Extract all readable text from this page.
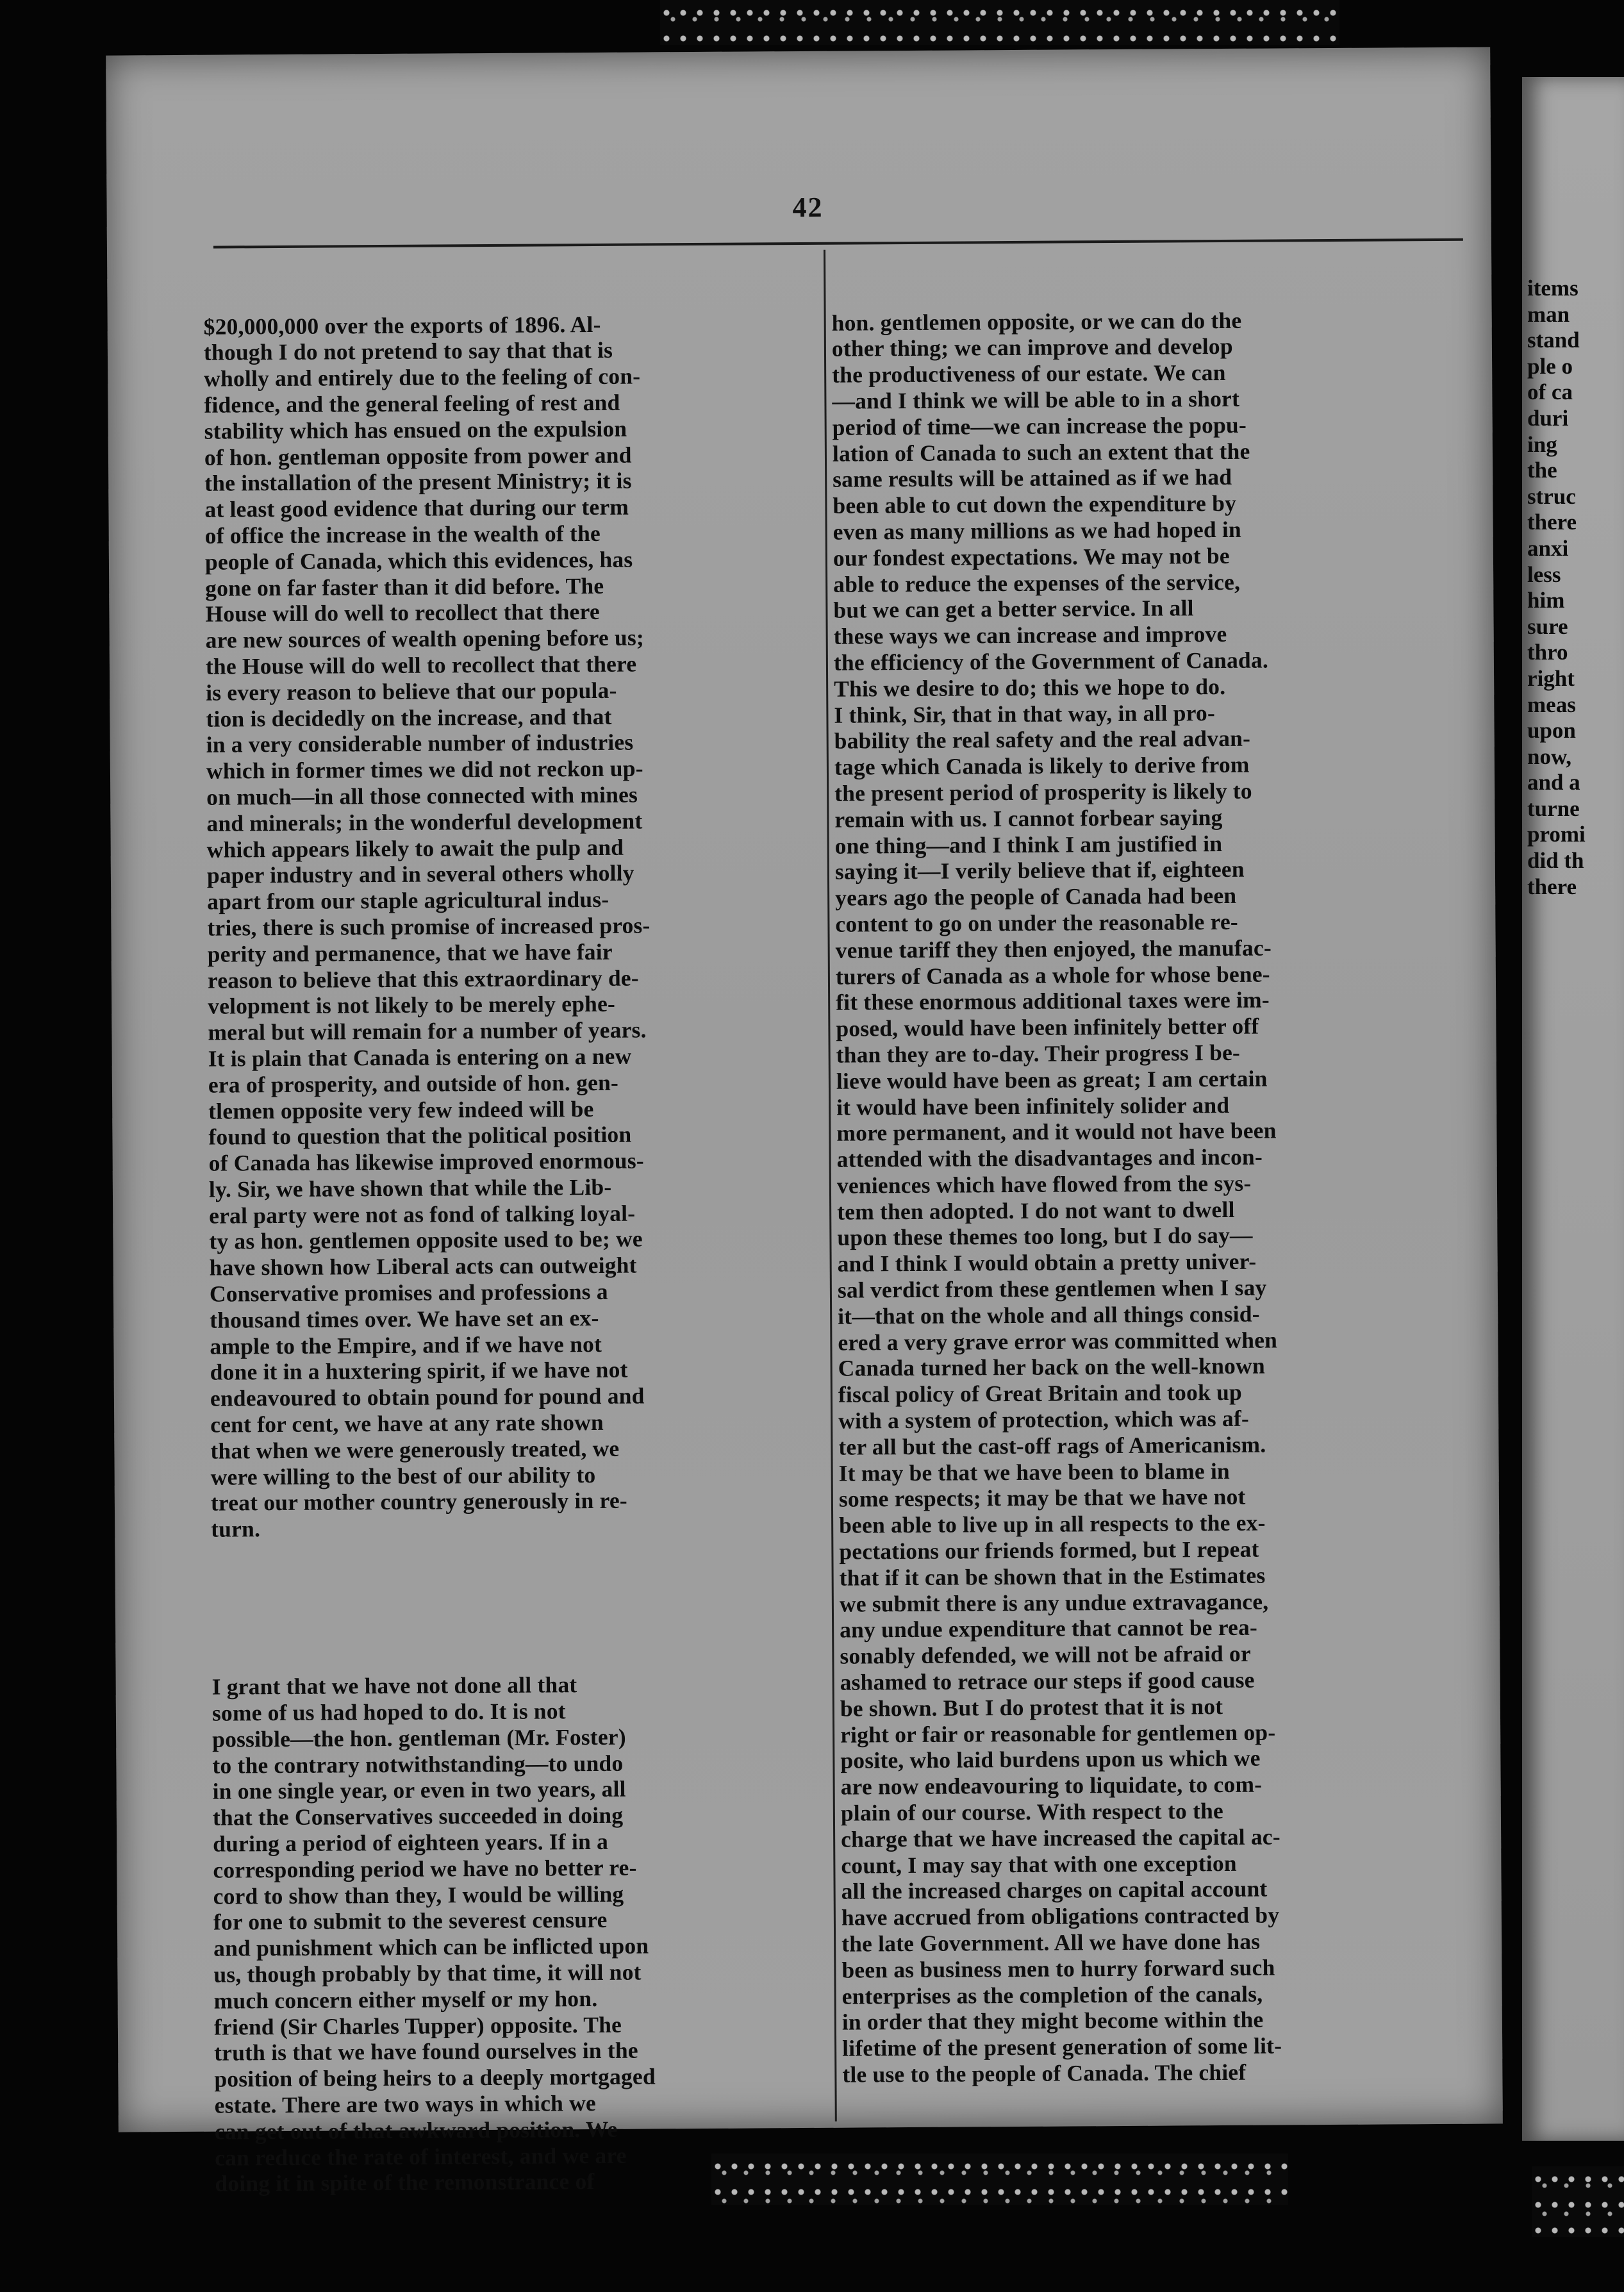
items
man
stand
ple o
of ca
duri
ing
the
struc
there
anxi
less
him
sure
thro
right
meas
upon
now,
and a
turne
promi
did th
there
42

$20,000,000 over the exports of 1896. Al-
though I do not pretend to say that that is
wholly and entirely due to the feeling of con-
fidence, and the general feeling of rest and
stability which has ensued on the expulsion
of hon. gentleman opposite from power and
the installation of the present Ministry; it is
at least good evidence that during our term
of office the increase in the wealth of the
people of Canada, which this evidences, has
gone on far faster than it did before. The
House will do well to recollect that there
are new sources of wealth opening before us;
the House will do well to recollect that there
is every reason to believe that our popula-
tion is decidedly on the increase, and that
in a very considerable number of industries
which in former times we did not reckon up-
on much—in all those connected with mines
and minerals; in the wonderful development
which appears likely to await the pulp and
paper industry and in several others wholly
apart from our staple agricultural indus-
tries, there is such promise of increased pros-
perity and permanence, that we have fair
reason to believe that this extraordinary de-
velopment is not likely to be merely ephe-
meral but will remain for a number of years.
It is plain that Canada is entering on a new
era of prosperity, and outside of hon. gen-
tlemen opposite very few indeed will be
found to question that the political position
of Canada has likewise improved enormous-
ly. Sir, we have shown that while the Lib-
eral party were not as fond of talking loyal-
ty as hon. gentlemen opposite used to be; we
have shown how Liberal acts can outweight
Conservative promises and professions a
thousand times over. We have set an ex-
ample to the Empire, and if we have not
done it in a huxtering spirit, if we have not
endeavoured to obtain pound for pound and
cent for cent, we have at any rate shown
that when we were generously treated, we
were willing to the best of our ability to
treat our mother country generously in re-
turn.

I grant that we have not done all that
some of us had hoped to do. It is not
possible—the hon. gentleman (Mr. Foster)
to the contrary notwithstanding—to undo
in one single year, or even in two years, all
that the Conservatives succeeded in doing
during a period of eighteen years. If in a
corresponding period we have no better re-
cord to show than they, I would be willing
for one to submit to the severest censure
and punishment which can be inflicted upon
us, though probably by that time, it will not
much concern either myself or my hon.
friend (Sir Charles Tupper) opposite. The
truth is that we have found ourselves in the
position of being heirs to a deeply mortgaged
estate. There are two ways in which we
can get out of that awkward position. We
can reduce the rate of interest, and we are
doing it in spite of the remonstrance of

hon. gentlemen opposite, or we can do the
other thing; we can improve and develop
the productiveness of our estate. We can
—and I think we will be able to in a short
period of time—we can increase the popu-
lation of Canada to such an extent that the
same results will be attained as if we had
been able to cut down the expenditure by
even as many millions as we had hoped in
our fondest expectations. We may not be
able to reduce the expenses of the service,
but we can get a better service. In all
these ways we can increase and improve
the efficiency of the Government of Canada.
This we desire to do; this we hope to do.
I think, Sir, that in that way, in all pro-
bability the real safety and the real advan-
tage which Canada is likely to derive from
the present period of prosperity is likely to
remain with us. I cannot forbear saying
one thing—and I think I am justified in
saying it—I verily believe that if, eighteen
years ago the people of Canada had been
content to go on under the reasonable re-
venue tariff they then enjoyed, the manufac-
turers of Canada as a whole for whose bene-
fit these enormous additional taxes were im-
posed, would have been infinitely better off
than they are to-day. Their progress I be-
lieve would have been as great; I am certain
it would have been infinitely solider and
more permanent, and it would not have been
attended with the disadvantages and incon-
veniences which have flowed from the sys-
tem then adopted. I do not want to dwell
upon these themes too long, but I do say—
and I think I would obtain a pretty univer-
sal verdict from these gentlemen when I say
it—that on the whole and all things consid-
ered a very grave error was committed when
Canada turned her back on the well-known
fiscal policy of Great Britain and took up
with a system of protection, which was af-
ter all but the cast-off rags of Americanism.
It may be that we have been to blame in
some respects; it may be that we have not
been able to live up in all respects to the ex-
pectations our friends formed, but I repeat
that if it can be shown that in the Estimates
we submit there is any undue extravagance,
any undue expenditure that cannot be rea-
sonably defended, we will not be afraid or
ashamed to retrace our steps if good cause
be shown. But I do protest that it is not
right or fair or reasonable for gentlemen op-
posite, who laid burdens upon us which we
are now endeavouring to liquidate, to com-
plain of our course. With respect to the
charge that we have increased the capital ac-
count, I may say that with one exception
all the increased charges on capital account
have accrued from obligations contracted by
the late Government. All we have done has
been as business men to hurry forward such
enterprises as the completion of the canals,
in order that they might become within the
lifetime of the present generation of some lit-
tle use to the people of Canada. The chief
